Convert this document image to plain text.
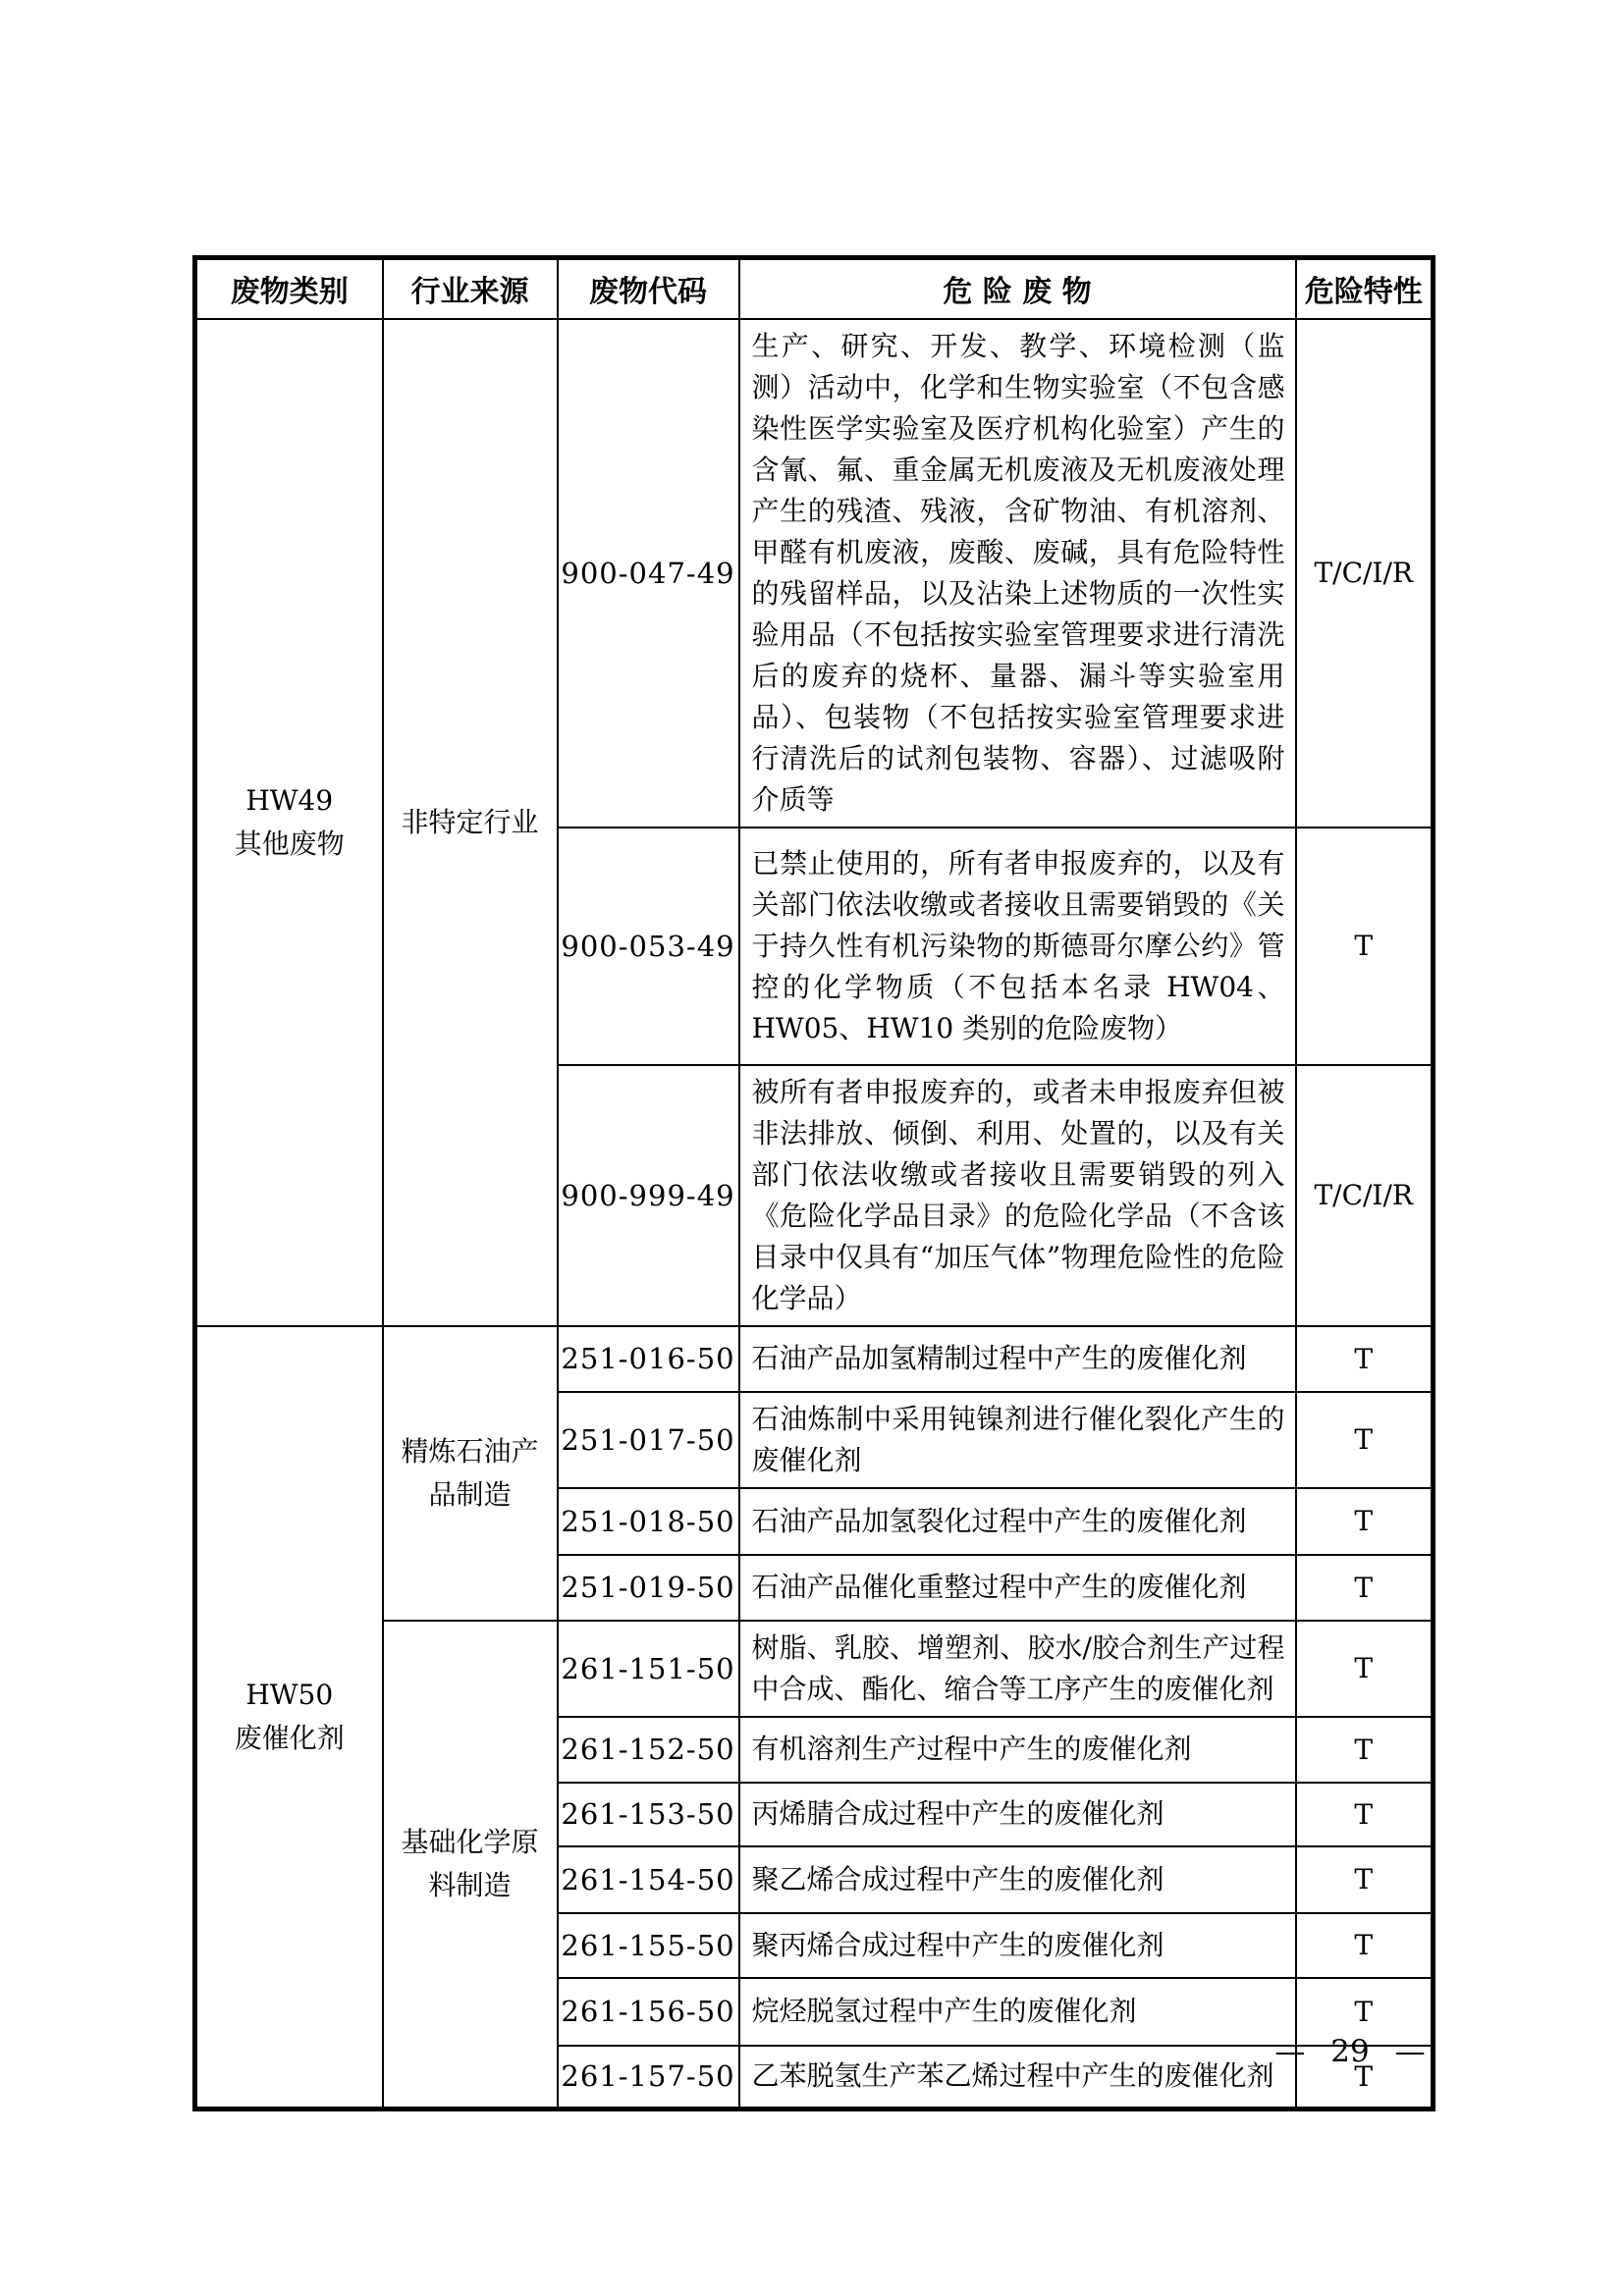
废物类别	行业来源	废物代码	危 险 废 物	危险特性

HW49
其他废物	非特定行业	900-047-49	生产、研究、开发、教学、环境检测（监测）活动中，化学和生物实验室（不包含感染性医学实验室及医疗机构化验室）产生的含氰、氟、重金属无机废液及无机废液处理产生的残渣、残液，含矿物油、有机溶剂、甲醛有机废液，废酸、废碱，具有危险特性的残留样品，以及沾染上述物质的一次性实验用品（不包括按实验室管理要求进行清洗后的废弃的烧杯、量器、漏斗等实验室用品）、包装物（不包括按实验室管理要求进行清洗后的试剂包装物、容器）、过滤吸附介质等	T/C/I/R
		900-053-49	已禁止使用的，所有者申报废弃的，以及有关部门依法收缴或者接收且需要销毁的《关于持久性有机污染物的斯德哥尔摩公约》管控的化学物质（不包括本名录 HW04、HW05、HW10 类别的危险废物）	T
		900-999-49	被所有者申报废弃的，或者未申报废弃但被非法排放、倾倒、利用、处置的，以及有关部门依法收缴或者接收且需要销毁的列入《危险化学品目录》的危险化学品（不含该目录中仅具有“加压气体”物理危险性的危险化学品）	T/C/I/R

HW50
废催化剂	精炼石油产品制造	251-016-50	石油产品加氢精制过程中产生的废催化剂	T
		251-017-50	石油炼制中采用钝镍剂进行催化裂化产生的废催化剂	T
		251-018-50	石油产品加氢裂化过程中产生的废催化剂	T
		251-019-50	石油产品催化重整过程中产生的废催化剂	T
	基础化学原料制造	261-151-50	树脂、乳胶、增塑剂、胶水/胶合剂生产过程中合成、酯化、缩合等工序产生的废催化剂	T
		261-152-50	有机溶剂生产过程中产生的废催化剂	T
		261-153-50	丙烯腈合成过程中产生的废催化剂	T
		261-154-50	聚乙烯合成过程中产生的废催化剂	T
		261-155-50	聚丙烯合成过程中产生的废催化剂	T
		261-156-50	烷烃脱氢过程中产生的废催化剂	T
		261-157-50	乙苯脱氢生产苯乙烯过程中产生的废催化剂	T
— 29 —
